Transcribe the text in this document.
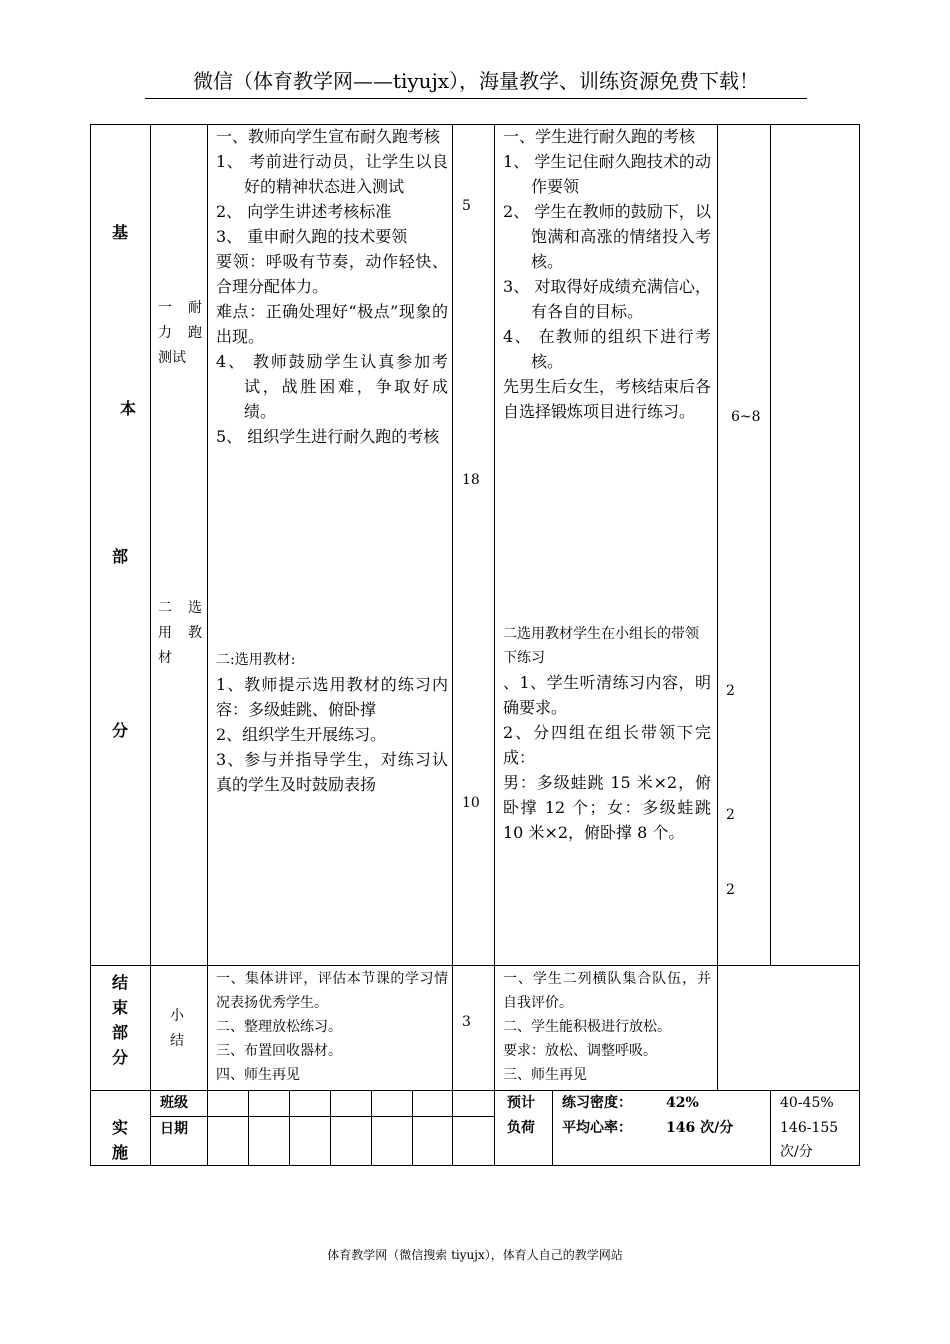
微信（体育教学网——tiyujx），海量教学、训练资源免费下载！
基
本
部
分
结
束
部
分
实
施
一 耐 力 跑 测试
二 选 用 教 材
小 结

一、教师向学生宣布耐久跑考核

1、 考前进行动员，让学生以良好的精神状态进入测试

2、 向学生讲述考核标准

3、 重申耐久跑的技术要领

要领：呼吸有节奏，动作轻快、合理分配体力。

难点：正确处理好“极点”现象的出现。

4、 教师鼓励学生认真参加考试，战胜困难，争取好成绩。

5、 组织学生进行耐久跑的考核

二:选用教材:

1、教师提示选用教材的练习内容：多级蛙跳、俯卧撑

2、组织学生开展练习。

3、参与并指导学生，对练习认真的学生及时鼓励表扬

一、集体讲评，评估本节课的学习情况表扬优秀学生。

二、整理放松练习。

三、布置回收器材。

四、师生再见

5
18
10
3

一、学生进行耐久跑的考核

1、 学生记住耐久跑技术的动作要领

2、 学生在教师的鼓励下，以饱满和高涨的情绪投入考核。

3、 对取得好成绩充满信心，有各自的目标。

4、 在教师的组织下进行考核。

先男生后女生，考核结束后各自选择锻炼项目进行练习。

二选用教材学生在小组长的带领下练习

、1、学生听清练习内容，明确要求。

2、分四组在组长带领下完成：

男：多级蛙跳 15 米×2，俯卧撑 12 个；女：多级蛙跳 10 米×2，俯卧撑 8 个。

一、学生二列横队集合队伍，并自我评价。

二、学生能积极进行放松。

要求：放松、调整呼吸。

三、师生再见

6~8
2
2
2
班级
日期
预计负荷
练习密度： 42%
平均心率： 146 次/分
40-45%
146-155
次/分
体育教学网（微信搜索 tiyujx），体育人自己的教学网站
